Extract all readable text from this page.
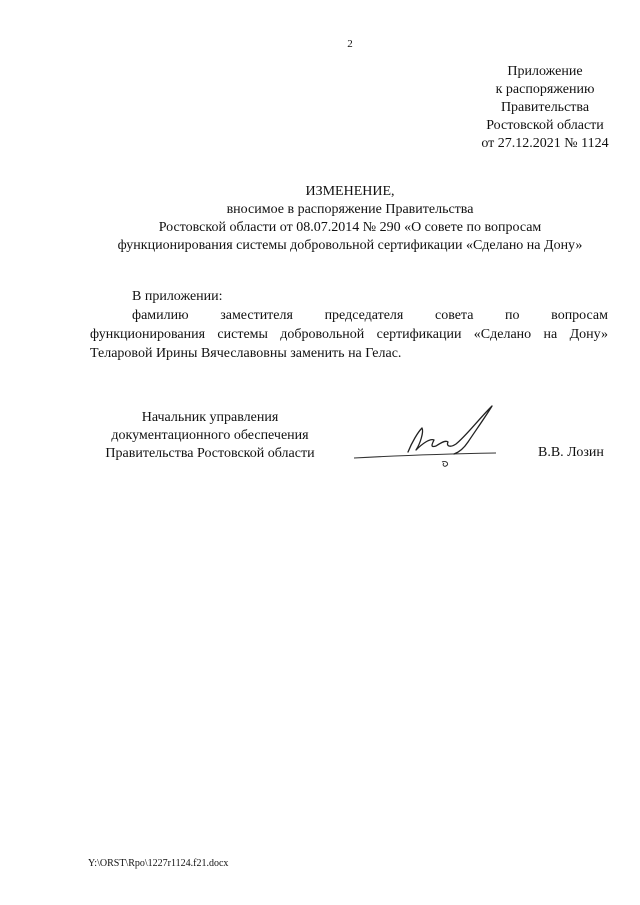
2
Приложение
к распоряжению
Правительства
Ростовской области
от 27.12.2021 № 1124
ИЗМЕНЕНИЕ,
вносимое в распоряжение Правительства
Ростовской области от 08.07.2014 № 290 «О совете по вопросам
функционирования системы добровольной сертификации «Сделано на Дону»
В приложении:
фамилию заместителя председателя совета по вопросам
функционирования системы добровольной сертификации «Сделано на Дону»
Теларовой Ирины Вячеславовны заменить на Гелас.
Начальник управления
документационного обеспечения
Правительства Ростовской области	В.В. Лозин
Y:\ORST\Rpo\1227r1124.f21.docx
